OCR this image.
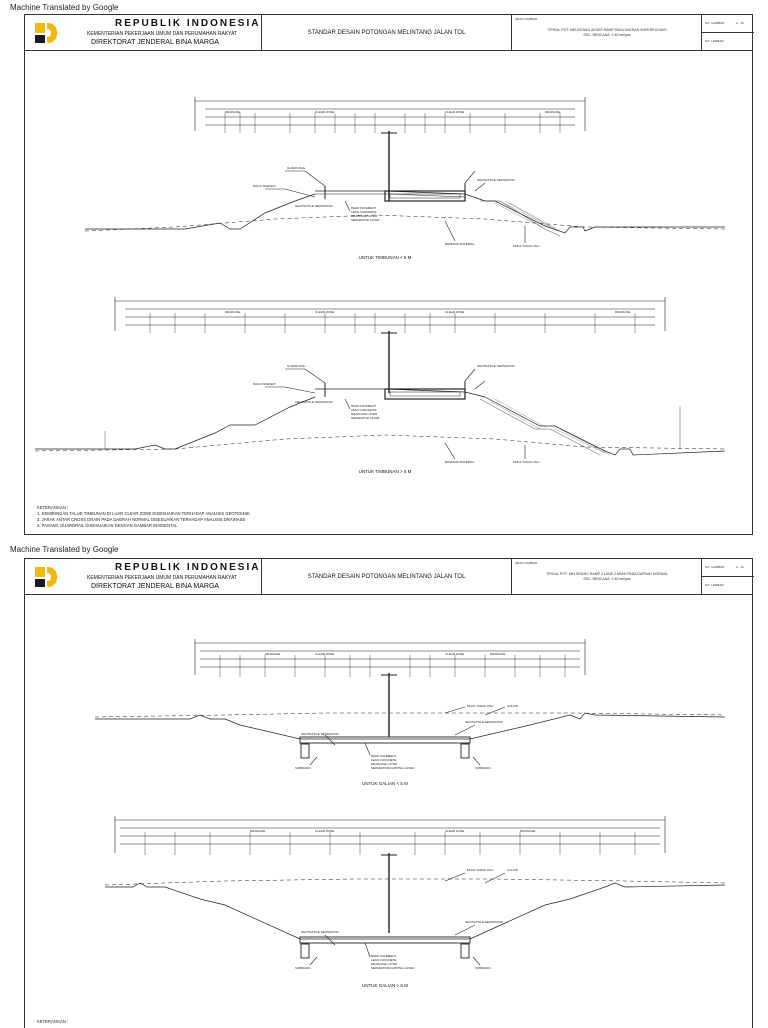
Machine Translated by Google
REPUBLIK INDONESIA
KEMENTERIAN PEKERJAAN UMUM DAN PERUMAHAN RAKYAT
DIREKTORAT JENDERAL BINA MARGA
STANDAR DESAIN POTONGAN MELINTANG JALAN TOL
JENIS GAMBAR
TIPIKAL POT. MELINTANG AKSES RAMP PADA DAERAH SUPERELEVASI
SEC. RENCANA: 1:40 km/jam
NO. GAMBAR :	A - 15
NO. LEMBAR :
GUARD RAIL
RAILS SIDEWAY
GEOTEXTILE SEPARATOR	RIGID PAVEMENT
LEAN CONCRETE
DRAINAGE LAYER
SEPARATOR LAYER
GEOTEXTILE SEPARATOR
BORROW MATERIAL	MUKA TANAH ASLI
CLEAR ZONE	CLEAR ZONE
DRAINASE	DRAINASE
GUARD RAIL
RAILS SIDEWAY
GEOTEXTILE SEPARATOR
RIGID PAVEMENT
LEAN CONCRETE
DRAINAGE LAYER
SEPARATOR LAYER
GEOTEXTILE SEPARATOR
BORROW MATERIAL	MUKA TANAH ASLI
CLEAR ZONE	CLEAR ZONE
DRAINASE	DRAINASE
UNTUK TIMBUNAN < 5 M
UNTUK TIMBUNAN > 5 M
KETERANGAN :
1. KEMIRINGAN TALUD TIMBUNAN DI LUAR CLEAR ZONE DISESUAIKAN TERHADAP ANALISIS GEOTEKNIK
2. JARAK ANTAR CROSS DRAIN PADA DAERAH NORMAL DISESUAIKAN TERHADAP ANALISIS DRAINASE
3. PASANG GUARDRAIL DISESUAIKAN DENGAN GAMBAR INSIDENTAL
Machine Translated by Google
REPUBLIK INDONESIA
KEMENTERIAN PEKERJAAN UMUM DAN PERUMAHAN RAKYAT
DIREKTORAT JENDERAL BINA MARGA
STANDAR DESAIN POTONGAN MELINTANG JALAN TOL
JENIS GAMBAR
TIPIKAL POT. MELINTANG RAMP 2 LANE 2 ARAH PADA DAERAH NORMAL
SEC. RENCANA: 1:40 km/jam
NO. GAMBAR :	A - 16
NO. LEMBAR :
MUKA TANAH ASLI	GALIAN
GEOTEXTILE SEPARATOR
GEOTEXTILE SEPARATOR
RIGID PAVEMENT
LEAN CONCRETE
DRAINAGE LAYER
SEPARATOR/CAPPING LAYER
SUBDRAIN	SUBDRAIN
CLEAR ZONE	CLEAR ZONE
DRAINASE	DRAINASE
MUKA TANAH ASLI	GALIAN
GEOTEXTILE SEPARATOR
GEOTEXTILE SEPARATOR
RIGID PAVEMENT
LEAN CONCRETE
DRAINAGE LAYER
SEPARATOR/CAPPING LAYER
SUBDRAIN	SUBDRAIN
CLEAR ZONE	CLEAR ZONE
DRAINASE	DRAINASE
UNTUK GALIAN < 5 M
UNTUK GALIAN > 5 M
KETERANGAN :
